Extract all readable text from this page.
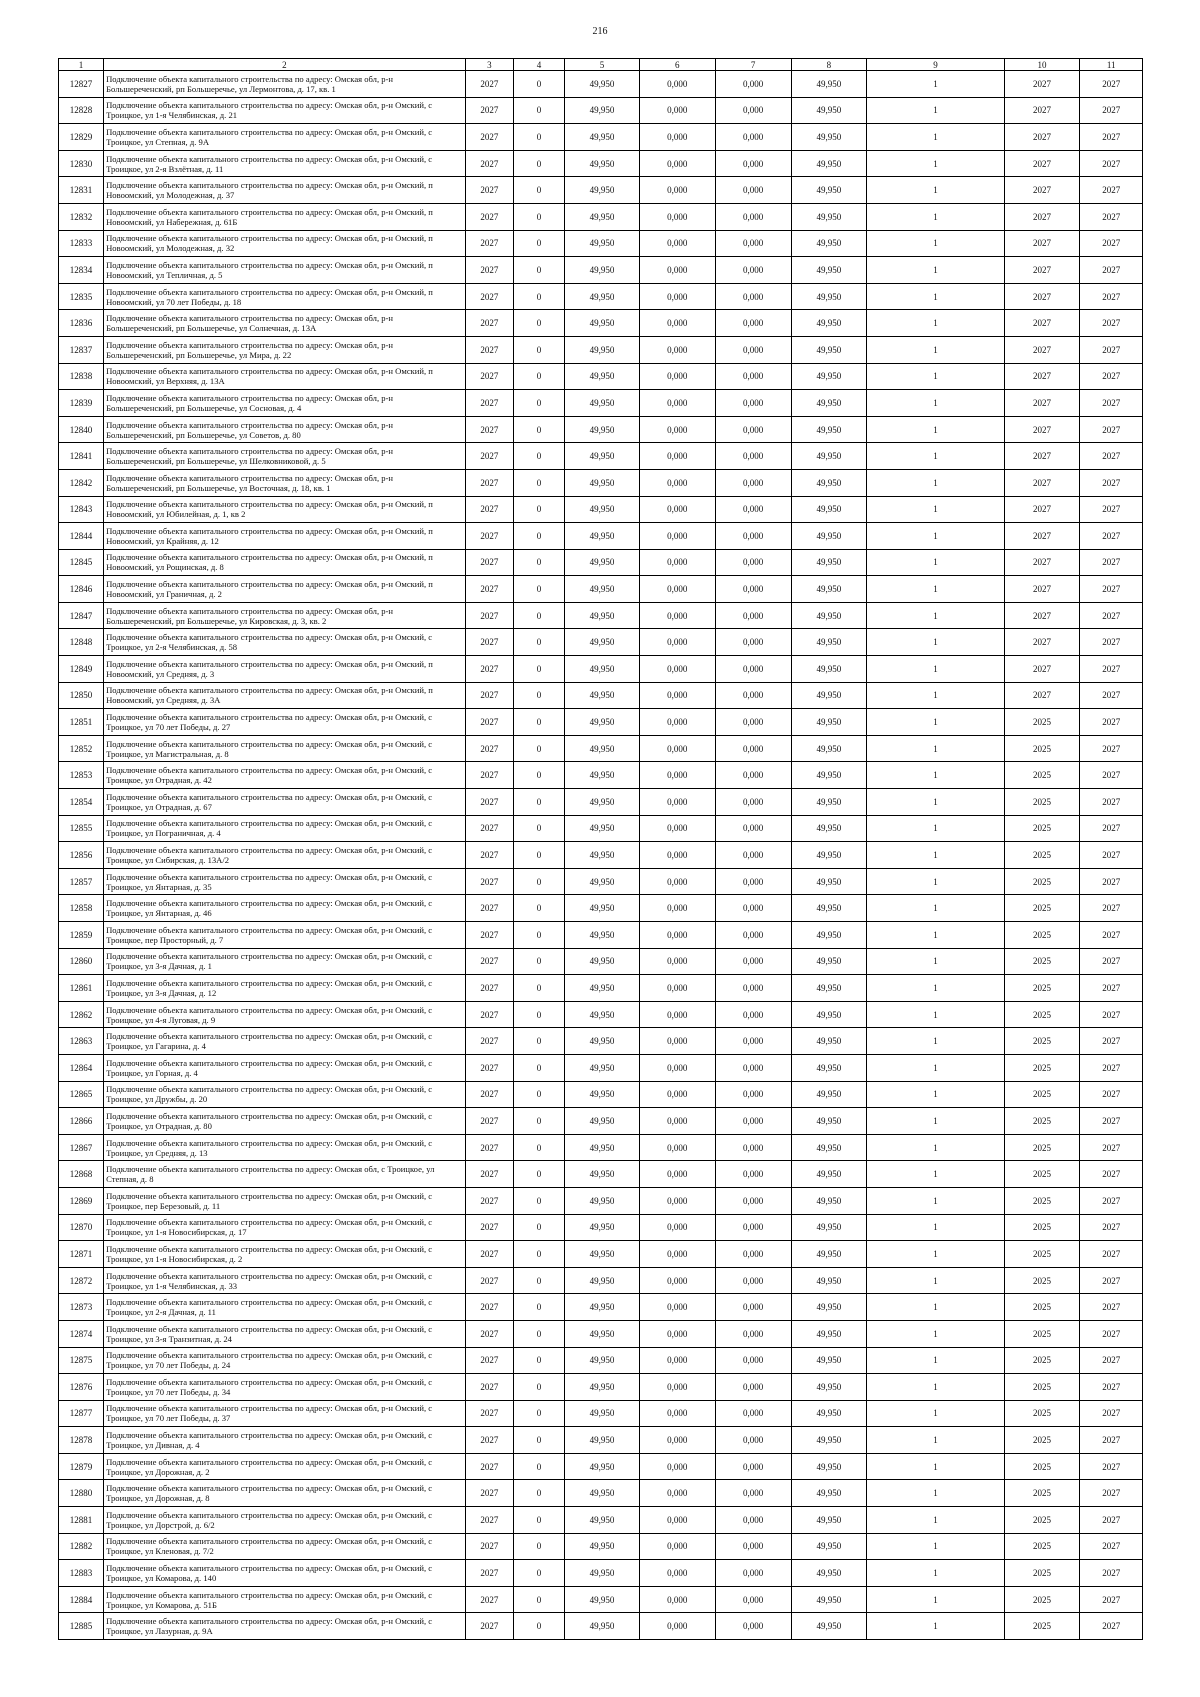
216
1	2	3	4	5	6	7	8	9	10	11
12827	Подключение объекта капитального строительства по адресу: Омская обл, р-н Большереченский, рп Большеречье, ул Лермонтова, д. 17, кв. 1	2027	0	49,950	0,000	0,000	49,950	1	2027	2027
12828	Подключение объекта капитального строительства по адресу: Омская обл, р-н Омский, с Троицкое, ул 1-я Челябинская, д. 21	2027	0	49,950	0,000	0,000	49,950	1	2027	2027
12829	Подключение объекта капитального строительства по адресу: Омская обл, р-н Омский, с Троицкое, ул Степная, д. 9А	2027	0	49,950	0,000	0,000	49,950	1	2027	2027
12830	Подключение объекта капитального строительства по адресу: Омская обл, р-н Омский, с Троицкое, ул 2-я Взлётная, д. 11	2027	0	49,950	0,000	0,000	49,950	1	2027	2027
12831	Подключение объекта капитального строительства по адресу: Омская обл, р-н Омский, п Новоомский, ул Молодежная, д. 37	2027	0	49,950	0,000	0,000	49,950	1	2027	2027
12832	Подключение объекта капитального строительства по адресу: Омская обл, р-н Омский, п Новоомский, ул Набережная, д. 61Б	2027	0	49,950	0,000	0,000	49,950	1	2027	2027
12833	Подключение объекта капитального строительства по адресу: Омская обл, р-н Омский, п Новоомский, ул Молодежная, д. 32	2027	0	49,950	0,000	0,000	49,950	1	2027	2027
12834	Подключение объекта капитального строительства по адресу: Омская обл, р-н Омский, п Новоомский, ул Тепличная, д. 5	2027	0	49,950	0,000	0,000	49,950	1	2027	2027
12835	Подключение объекта капитального строительства по адресу: Омская обл, р-н Омский, п Новоомский, ул 70 лет Победы, д. 18	2027	0	49,950	0,000	0,000	49,950	1	2027	2027
12836	Подключение объекта капитального строительства по адресу: Омская обл, р-н Большереченский, рп Большеречье, ул Солнечная, д. 13А	2027	0	49,950	0,000	0,000	49,950	1	2027	2027
12837	Подключение объекта капитального строительства по адресу: Омская обл, р-н Большереченский, рп Большеречье, ул Мира, д. 22	2027	0	49,950	0,000	0,000	49,950	1	2027	2027
12838	Подключение объекта капитального строительства по адресу: Омская обл, р-н Омский, п Новоомский, ул Верхняя, д. 13А	2027	0	49,950	0,000	0,000	49,950	1	2027	2027
12839	Подключение объекта капитального строительства по адресу: Омская обл, р-н Большереченский, рп Большеречье, ул Сосновая, д. 4	2027	0	49,950	0,000	0,000	49,950	1	2027	2027
12840	Подключение объекта капитального строительства по адресу: Омская обл, р-н Большереченский, рп Большеречье, ул Советов, д. 80	2027	0	49,950	0,000	0,000	49,950	1	2027	2027
12841	Подключение объекта капитального строительства по адресу: Омская обл, р-н Большереченский, рп Большеречье, ул Шелковниковой, д. 5	2027	0	49,950	0,000	0,000	49,950	1	2027	2027
12842	Подключение объекта капитального строительства по адресу: Омская обл, р-н Большереченский, рп Большеречье, ул Восточная, д. 18, кв. 1	2027	0	49,950	0,000	0,000	49,950	1	2027	2027
12843	Подключение объекта капитального строительства по адресу: Омская обл, р-н Омский, п Новоомский, ул Юбилейная, д. 1, кв 2	2027	0	49,950	0,000	0,000	49,950	1	2027	2027
12844	Подключение объекта капитального строительства по адресу: Омская обл, р-н Омский, п Новоомский, ул Крайняя, д. 12	2027	0	49,950	0,000	0,000	49,950	1	2027	2027
12845	Подключение объекта капитального строительства по адресу: Омская обл, р-н Омский, п Новоомский, ул Рощинская, д. 8	2027	0	49,950	0,000	0,000	49,950	1	2027	2027
12846	Подключение объекта капитального строительства по адресу: Омская обл, р-н Омский, п Новоомский, ул Граничная, д. 2	2027	0	49,950	0,000	0,000	49,950	1	2027	2027
12847	Подключение объекта капитального строительства по адресу: Омская обл, р-н Большереченский, рп Большеречье, ул Кировская, д. 3, кв. 2	2027	0	49,950	0,000	0,000	49,950	1	2027	2027
12848	Подключение объекта капитального строительства по адресу: Омская обл, р-н Омский, с Троицкое, ул 2-я Челябинская, д. 58	2027	0	49,950	0,000	0,000	49,950	1	2027	2027
12849	Подключение объекта капитального строительства по адресу: Омская обл, р-н Омский, п Новоомский, ул Средняя, д. 3	2027	0	49,950	0,000	0,000	49,950	1	2027	2027
12850	Подключение объекта капитального строительства по адресу: Омская обл, р-н Омский, п Новоомский, ул Средняя, д. 3А	2027	0	49,950	0,000	0,000	49,950	1	2027	2027
12851	Подключение объекта капитального строительства по адресу: Омская обл, р-н Омский, с Троицкое, ул 70 лет Победы, д. 27	2027	0	49,950	0,000	0,000	49,950	1	2025	2027
12852	Подключение объекта капитального строительства по адресу: Омская обл, р-н Омский, с Троицкое, ул Магистральная, д. 8	2027	0	49,950	0,000	0,000	49,950	1	2025	2027
12853	Подключение объекта капитального строительства по адресу: Омская обл, р-н Омский, с Троицкое, ул Отрадная, д. 42	2027	0	49,950	0,000	0,000	49,950	1	2025	2027
12854	Подключение объекта капитального строительства по адресу: Омская обл, р-н Омский, с Троицкое, ул Отрадная, д. 67	2027	0	49,950	0,000	0,000	49,950	1	2025	2027
12855	Подключение объекта капитального строительства по адресу: Омская обл, р-н Омский, с Троицкое, ул Пограничная, д. 4	2027	0	49,950	0,000	0,000	49,950	1	2025	2027
12856	Подключение объекта капитального строительства по адресу: Омская обл, р-н Омский, с Троицкое, ул Сибирская, д. 13А/2	2027	0	49,950	0,000	0,000	49,950	1	2025	2027
12857	Подключение объекта капитального строительства по адресу: Омская обл, р-н Омский, с Троицкое, ул Янтарная, д. 35	2027	0	49,950	0,000	0,000	49,950	1	2025	2027
12858	Подключение объекта капитального строительства по адресу: Омская обл, р-н Омский, с Троицкое, ул Янтарная, д. 46	2027	0	49,950	0,000	0,000	49,950	1	2025	2027
12859	Подключение объекта капитального строительства по адресу: Омская обл, р-н Омский, с Троицкое, пер Просторный, д. 7	2027	0	49,950	0,000	0,000	49,950	1	2025	2027
12860	Подключение объекта капитального строительства по адресу: Омская обл, р-н Омский, с Троицкое, ул 3-я Дачная, д. 1	2027	0	49,950	0,000	0,000	49,950	1	2025	2027
12861	Подключение объекта капитального строительства по адресу: Омская обл, р-н Омский, с Троицкое, ул 3-я Дачная, д. 12	2027	0	49,950	0,000	0,000	49,950	1	2025	2027
12862	Подключение объекта капитального строительства по адресу: Омская обл, р-н Омский, с Троицкое, ул 4-я Луговая, д. 9	2027	0	49,950	0,000	0,000	49,950	1	2025	2027
12863	Подключение объекта капитального строительства по адресу: Омская обл, р-н Омский, с Троицкое, ул Гагарина, д. 4	2027	0	49,950	0,000	0,000	49,950	1	2025	2027
12864	Подключение объекта капитального строительства по адресу: Омская обл, р-н Омский, с Троицкое, ул Горная, д. 4	2027	0	49,950	0,000	0,000	49,950	1	2025	2027
12865	Подключение объекта капитального строительства по адресу: Омская обл, р-н Омский, с Троицкое, ул Дружбы, д. 20	2027	0	49,950	0,000	0,000	49,950	1	2025	2027
12866	Подключение объекта капитального строительства по адресу: Омская обл, р-н Омский, с Троицкое, ул Отрадная, д. 80	2027	0	49,950	0,000	0,000	49,950	1	2025	2027
12867	Подключение объекта капитального строительства по адресу: Омская обл, р-н Омский, с Троицкое, ул Средняя, д. 13	2027	0	49,950	0,000	0,000	49,950	1	2025	2027
12868	Подключение объекта капитального строительства по адресу: Омская обл, с Троицкое, ул Степная, д. 8	2027	0	49,950	0,000	0,000	49,950	1	2025	2027
12869	Подключение объекта капитального строительства по адресу: Омская обл, р-н Омский, с Троицкое, пер Березовый, д. 11	2027	0	49,950	0,000	0,000	49,950	1	2025	2027
12870	Подключение объекта капитального строительства по адресу: Омская обл, р-н Омский, с Троицкое, ул 1-я Новосибирская, д. 17	2027	0	49,950	0,000	0,000	49,950	1	2025	2027
12871	Подключение объекта капитального строительства по адресу: Омская обл, р-н Омский, с Троицкое, ул 1-я Новосибирская, д. 2	2027	0	49,950	0,000	0,000	49,950	1	2025	2027
12872	Подключение объекта капитального строительства по адресу: Омская обл, р-н Омский, с Троицкое, ул 1-я Челябинская, д. 33	2027	0	49,950	0,000	0,000	49,950	1	2025	2027
12873	Подключение объекта капитального строительства по адресу: Омская обл, р-н Омский, с Троицкое, ул 2-я Дачная, д. 11	2027	0	49,950	0,000	0,000	49,950	1	2025	2027
12874	Подключение объекта капитального строительства по адресу: Омская обл, р-н Омский, с Троицкое, ул 3-я Транзитная, д. 24	2027	0	49,950	0,000	0,000	49,950	1	2025	2027
12875	Подключение объекта капитального строительства по адресу: Омская обл, р-н Омский, с Троицкое, ул 70 лет Победы, д. 24	2027	0	49,950	0,000	0,000	49,950	1	2025	2027
12876	Подключение объекта капитального строительства по адресу: Омская обл, р-н Омский, с Троицкое, ул 70 лет Победы, д. 34	2027	0	49,950	0,000	0,000	49,950	1	2025	2027
12877	Подключение объекта капитального строительства по адресу: Омская обл, р-н Омский, с Троицкое, ул 70 лет Победы, д. 37	2027	0	49,950	0,000	0,000	49,950	1	2025	2027
12878	Подключение объекта капитального строительства по адресу: Омская обл, р-н Омский, с Троицкое, ул Дивная, д. 4	2027	0	49,950	0,000	0,000	49,950	1	2025	2027
12879	Подключение объекта капитального строительства по адресу: Омская обл, р-н Омский, с Троицкое, ул Дорожная, д. 2	2027	0	49,950	0,000	0,000	49,950	1	2025	2027
12880	Подключение объекта капитального строительства по адресу: Омская обл, р-н Омский, с Троицкое, ул Дорожная, д. 8	2027	0	49,950	0,000	0,000	49,950	1	2025	2027
12881	Подключение объекта капитального строительства по адресу: Омская обл, р-н Омский, с Троицкое, ул Дорстрой, д. 6/2	2027	0	49,950	0,000	0,000	49,950	1	2025	2027
12882	Подключение объекта капитального строительства по адресу: Омская обл, р-н Омский, с Троицкое, ул Кленовая, д. 7/2	2027	0	49,950	0,000	0,000	49,950	1	2025	2027
12883	Подключение объекта капитального строительства по адресу: Омская обл, р-н Омский, с Троицкое, ул Комарова, д. 140	2027	0	49,950	0,000	0,000	49,950	1	2025	2027
12884	Подключение объекта капитального строительства по адресу: Омская обл, р-н Омский, с Троицкое, ул Комарова, д. 51Б	2027	0	49,950	0,000	0,000	49,950	1	2025	2027
12885	Подключение объекта капитального строительства по адресу: Омская обл, р-н Омский, с Троицкое, ул Лазурная, д. 9А	2027	0	49,950	0,000	0,000	49,950	1	2025	2027
